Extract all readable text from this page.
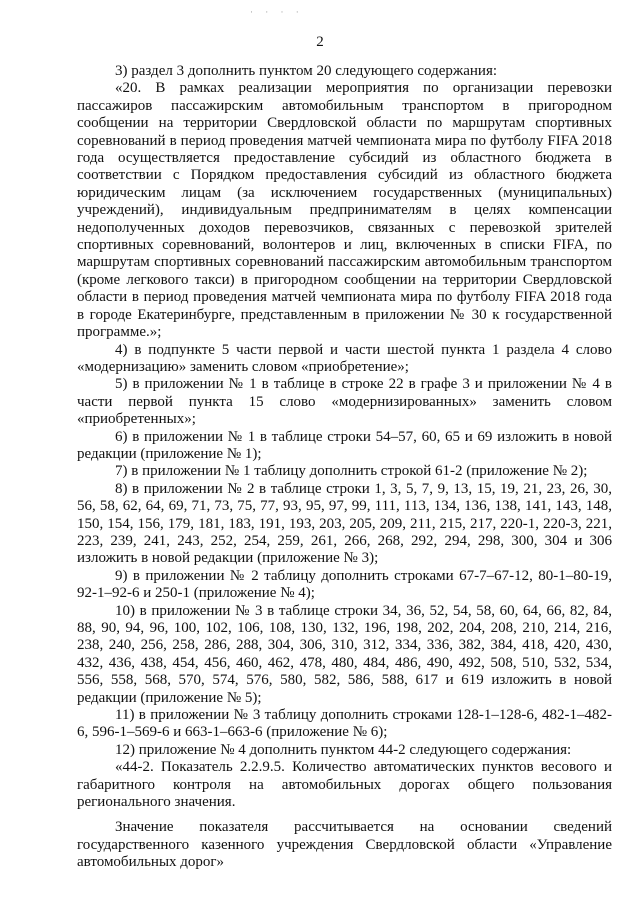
· · · ·
2

3) раздел 3 дополнить пунктом 20 следующего содержания:

«20. В рамках реализации мероприятия по организации перевозки пассажиров пассажирским автомобильным транспортом в пригородном сообщении на территории Свердловской области по маршрутам спортивных соревнований в период проведения матчей чемпионата мира по футболу FIFA 2018 года осуществляется предоставление субсидий из областного бюджета в соответствии с Порядком предоставления субсидий из областного бюджета юридическим лицам (за исключением государственных (муниципальных) учреждений), индивидуальным предпринимателям в целях компенсации недополученных доходов перевозчиков, связанных с перевозкой зрителей спортивных соревнований, волонтеров и лиц, включенных в списки FIFA, по маршрутам спортивных соревнований пассажирским автомобильным транспортом (кроме легкового такси) в пригородном сообщении на территории Свердловской области в период проведения матчей чемпионата мира по футболу FIFA 2018 года в городе Екатеринбурге, представленным в приложении № 30 к государственной программе.»;

4) в подпункте 5 части первой и части шестой пункта 1 раздела 4 слово «модернизацию» заменить словом «приобретение»;

5) в приложении № 1 в таблице в строке 22 в графе 3 и приложении № 4 в части первой пункта 15 слово «модернизированных» заменить словом «приобретенных»;

6) в приложении № 1 в таблице строки 54–57, 60, 65 и 69 изложить в новой редакции (приложение № 1);

7) в приложении № 1 таблицу дополнить строкой 61-2 (приложение № 2);

8) в приложении № 2 в таблице строки 1, 3, 5, 7, 9, 13, 15, 19, 21, 23, 26, 30, 56, 58, 62, 64, 69, 71, 73, 75, 77, 93, 95, 97, 99, 111, 113, 134, 136, 138, 141, 143, 148, 150, 154, 156, 179, 181, 183, 191, 193, 203, 205, 209, 211, 215, 217, 220-1, 220-3, 221, 223, 239, 241, 243, 252, 254, 259, 261, 266, 268, 292, 294, 298, 300, 304 и 306 изложить в новой редакции (приложение № 3);

9) в приложении № 2 таблицу дополнить строками 67-7–67-12, 80-1–80-19, 92-1–92-6 и 250-1 (приложение № 4);

10) в приложении № 3 в таблице строки 34, 36, 52, 54, 58, 60, 64, 66, 82, 84, 88, 90, 94, 96, 100, 102, 106, 108, 130, 132, 196, 198, 202, 204, 208, 210, 214, 216, 238, 240, 256, 258, 286, 288, 304, 306, 310, 312, 334, 336, 382, 384, 418, 420, 430, 432, 436, 438, 454, 456, 460, 462, 478, 480, 484, 486, 490, 492, 508, 510, 532, 534, 556, 558, 568, 570, 574, 576, 580, 582, 586, 588, 617 и 619 изложить в новой редакции (приложение № 5);

11) в приложении № 3 таблицу дополнить строками 128-1–128-6, 482-1–482-6, 596-1–569-6 и 663-1–663-6 (приложение № 6);

12) приложение № 4 дополнить пунктом 44-2 следующего содержания:

«44-2. Показатель 2.2.9.5. Количество автоматических пунктов весового и габаритного контроля на автомобильных дорогах общего пользования регионального значения.

Значение показателя рассчитывается на основании сведений государственного казенного учреждения Свердловской области «Управление автомобильных дорог»
